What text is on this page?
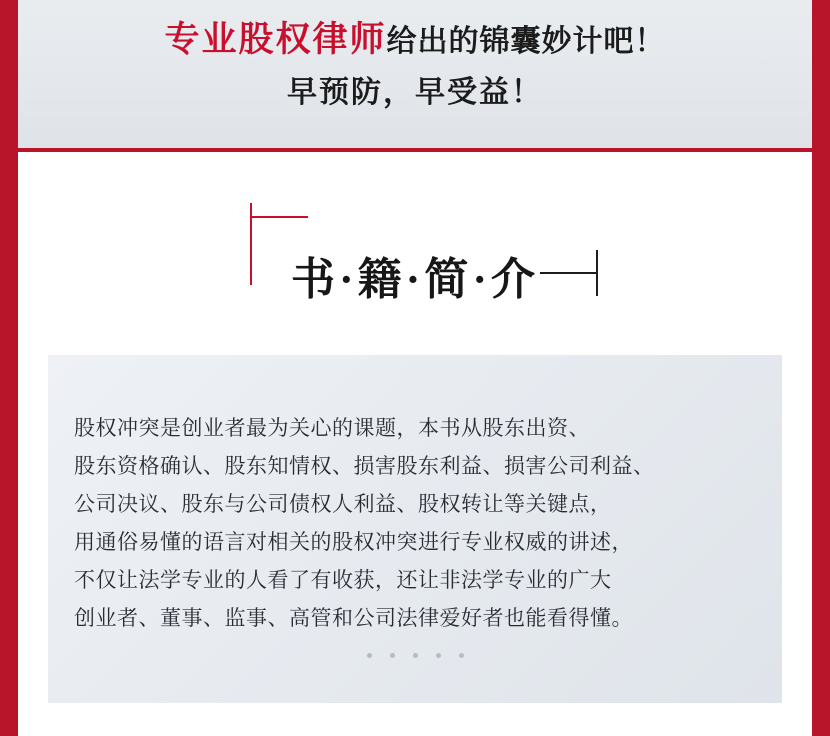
专业股权律师给出的锦囊妙计吧！
早预防，早受益！
书·籍·简·介
股权冲突是创业者最为关心的课题，本书从股东出资、
股东资格确认、股东知情权、损害股东利益、损害公司利益、
公司决议、股东与公司债权人利益、股权转让等关键点，
用通俗易懂的语言对相关的股权冲突进行专业权威的讲述，
不仅让法学专业的人看了有收获，还让非法学专业的广大
创业者、董事、监事、高管和公司法律爱好者也能看得懂。
